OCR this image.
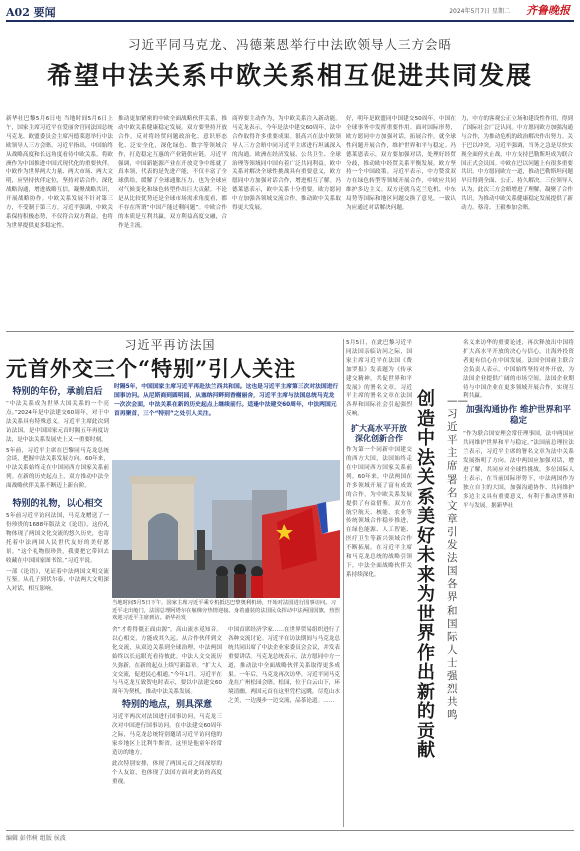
A02 要闻	2024年5月7日 星期二 齐鲁晚报
习近平同马克龙、冯德莱恩举行中法欧领导人三方会晤
希望中法关系中欧关系相互促进共同发展
新华社巴黎5月6日电 当地时间5月6日上午，国家主席习近平在爱丽舍宫同法国总统马克龙、欧盟委员会主席冯德莱恩举行中法欧领导人三方会晤。习近平指出，中国始终从战略高度和长远角度看待中欧关系，将欧洲作为中国推进中国式现代化的重要伙伴。中欧作为世界两大力量、两大市场、两大文明，应坚持伙伴定位，坚持对话合作，深化战略沟通，增进战略互信，凝聚战略共识，开展战略协作。中欧关系发展不针对第三方，不受制于第三方。习近平强调，中欧关系保持积极态势，不仅符合双方利益，也将为世界提供更多稳定性。
推动更加紧密的中欧全面战略伙伴关系，推动中欧关系健康稳定发展。双方要坚持开放合作，反对将经贸问题政治化、意识形态化、泛安全化，深化绿色、数字等领域合作，打造稳定互惠的产业链供应链。习近平强调，中国新能源产业在开放竞争中练就了真本领，代表的是先进产能，不仅丰富了全球供给，缓解了全球通胀压力，也为全球应对气候变化和绿色转型作出巨大贡献。不论是从比较优势还是全球市场需求角度看，都不存在所谓“中国产能过剩问题”。中欧合作的本质是互利共赢，双方利益高度交融，合作是主流。
商界要主动作为，为中欧关系注入新动能。马克龙表示，今年是法中建交60周年，法中合作取得许多重要成果。很高兴在法中欧领导人三方会晤中同习近平主席进行坦诚深入的沟通。欧洲在经济发展、公共卫生、全球治理等领域同中国有着广泛共同利益。欧中关系对解决全球性挑战具有重要意义，欧方愿同中方加强对话合作，增进相互了解。冯德莱恩表示，欧中关系十分重要。欧方愿同中方加强各领域交流合作，推动欧中关系取得更大发展。
好，明年是欧盟同中国建交50周年。中国在全球事务中发挥重要作用。面对国际形势，欧方愿同中方加强对话，拓展合作，就全球性问题开展合作，维护世界和平与稳定。冯德莱恩表示，双方要加强对话，处理好经贸分歧，推动欧中经贸关系平衡发展。欧方坚持一个中国政策。习近平表示，中方赞赏双方在绿色转型等领域开展合作，中欧应共同维护多边主义。双方还就乌克兰危机、中东局势等国际和地区问题交换了意见，一致认为应通过对话解决问题。
力，中方的客观公正立场和建设性作用，得到了国际社会广泛认同。中方愿同欧方加强沟通与合作，为推动危机的政治解决作出努力。关于巴以冲突，习近平强调，当务之急是尽快实现全面停火止战。中方支持巴勒斯坦成为联合国正式会员国。中欧在巴以问题上有很多重要共识。中方愿同欧方一道，推动巴勒斯坦问题早日得到全面、公正、持久解决。三位领导人认为，此次三方会晤增进了理解，凝聚了合作共识，为推动中欧关系健康稳定发展提供了新动力。蔡奇、王毅参加会晤。
习近平再访法国
元首外交三个“特别”引人关注
特别的年份，承前启后
“中法关系成为世界大国关系的一个亮点。”2024年是中法建交60周年，对于中法关系具有特殊意义。习近平主席此次到访法国，是中国国家元首时隔五年再度访法，是中法关系发展史上又一重要时刻。
5年前，习近平主席在巴黎同马克龙总统会谈，把握中法关系发展方向。60年来，中法关系始终走在中国同西方国家关系前列。在新的历史起点上，双方推动中法全面战略伙伴关系不断迈上新台阶。
特别的礼物，以心相交
5年前习近平访问法国，马克龙赠送了一份珍贵的1688年版法文《论语》，这份礼物体现了两国文化交流的悠久历史，也寄托着中法两国人民世代友好的美好愿景。“这个礼物很珍贵，我要把它带回去收藏在中国国家图书馆。”习近平说。
一部《论语》，见证着中法两国文明交流互鉴。从孔子到伏尔泰，中法两大文明深入对话，相互影响。
时隔5年，中国国家主席习近平再赴法兰西共和国。这也是习近平主席第三次对法国进行国事访问。从尼斯商到圆明园，从塞纳河畔到香榭丽舍，习近平主席与法国总统马克龙一次次会面，中法关系在新的历史起点上继续前行。适逢中法建交60周年，中法两国元首再聚首，三个“特别”之处引人关注。
当地时间5月5日下午，国家主席习近平乘专机抵达巴黎奥利机场，开始对法国进行国事访问。习近平走出舱门，法国总理阿塔尔在舷梯旁热情迎接。身着盛装的法国民众挥动中法两国国旗，热烈欢迎习近平主席到访。新华社发
舍“才将得僵正面由源”。高山流水觅知音。以心相交，方能成其久远。从合作伙伴到文化交流，从双边关系到全球治理，中法两国始终以长远眼光看待彼此。中法人文交流历久弥新，在新的起点上续写新篇章。“扩大人文交流，促进民心相通。”今年1月，习近平在与马克龙互致贺电时表示，要以中法建交60周年为契机，推动中法关系发展。
特别的地点，别具深意
习近平两次对法国进行国事访问，马克龙三次对中国进行国事访问。在中法建交60周年之际，马克龙总统特别邀请习近平访问他的家乡地区上比利牛斯省，这里是他童年经常造访的地方。
此次特别安排，体现了两国元首之间深厚的个人友谊，也体现了法国方面对此访的高度重视。
中国首席经济学家……在世界贸易组织进行了各种交流讨论。习近平在访法期间与马克龙总统共同出席了中法企业家委员会会议，并发表重要讲话。马克龙总统表示，法方愿同中方一道，推动法中全面战略伙伴关系取得更多成果。一年后，马克龙再次访华。习近平同马克龙在广州松园会晤。松园，位于白云山下，环境清幽。两国元首在这里凭栏远眺，尽览山水之美，一边漫步一边交流，品茶论道。……
5月5日，在此巴黎习近平同法国亲临访问之际，国家主席习近平在法国《费加罗报》发表题为《传承建交精神，共促世界和平发展》的署名文章。习近平主席的署名文章在法国各界和国际社会引起强烈反响。
扩大高水平开放 深化创新合作
作为第一个同新中国建交的西方大国，法国始终走在中国同西方国家关系前列。60年来，中法两国在许多领域开展了富有成效的合作，为中欧关系发展提供了有益借鉴。双方在航空航天、核能、农业等传统领域合作稳步推进，在绿色能源、人工智能、医疗卫生等新兴领域合作不断拓展。在习近平主席和马克龙总统的战略引领下，中法全面战略伙伴关系持续深化。
创造中法关系美好未来 为世界作出新的贡献
——习近平主席署名文章引发法国各界和国际人士强烈共鸣
名义来访华的重要论述，再次释放出中国将扩大高水平开放的决心与信心，让海外投资者更有信心在中国发展。法国全国雇主联合会负责人表示，中国始终坚持对外开放，为法国企业提供广阔的市场空间。法国企业期待与中国企业在更多领域开展合作，实现互利共赢。
加强沟通协作 维护世界和平稳定
“作为联合国安理会常任理事国，法中两国应共同维护世界和平与稳定。”法国前总理拉法兰表示，习近平主席的署名文章为法中关系发展指明了方向。法中两国应加强对话，增进了解，共同应对全球性挑战。多位国际人士表示，在当前国际形势下，中法两国作为独立自主的大国，加强沟通协作、共同维护多边主义具有重要意义，有利于推动世界和平与发展。据新华社
编辑 彭伟树 组版 侯波
